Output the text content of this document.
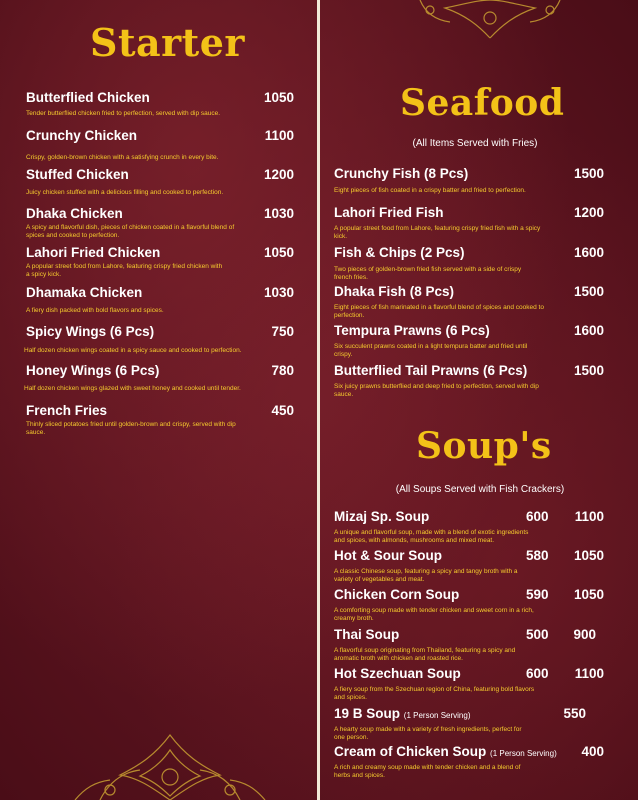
Starter
Butterflied Chicken	1050
Tender butterflied chicken fried to perfection, served with dip sauce.
Crunchy Chicken	1100
Crispy, golden-brown chicken with a satisfying crunch in every bite.
Stuffed Chicken	1200
Juicy chicken stuffed with a delicious filling and cooked to perfection.
Dhaka Chicken	1030
A spicy and flavorful dish, pieces of chicken coated in a flavorful blend of spices and cooked to perfection.
Lahori Fried Chicken	1050
A popular street food from Lahore, featuring crispy fried chicken with a spicy kick.
Dhamaka Chicken	1030
A fiery dish packed with bold flavors and spices.
Spicy Wings (6 Pcs)	750
Half dozen chicken wings coated in a spicy sauce and cooked to perfection.
Honey Wings (6 Pcs)	780
Half dozen chicken wings glazed with sweet honey and cooked until tender.
French Fries	450
Thinly sliced potatoes fried until golden-brown and crispy, served with dip sauce.
Seafood
(All Items Served with Fries)
Crunchy Fish (8 Pcs)	1500
Eight pieces of fish coated in a crispy batter and fried to perfection.
Lahori Fried Fish	1200
A popular street food from Lahore, featuring crispy fried fish with a spicy kick.
Fish & Chips (2 Pcs)	1600
Two pieces of golden-brown fried fish served with a side of crispy french fries.
Dhaka Fish (8 Pcs)	1500
Eight pieces of fish marinated in a flavorful blend of spices and cooked to perfection.
Tempura Prawns (6 Pcs)	1600
Six succulent prawns coated in a light tempura batter and fried until crispy.
Butterflied Tail Prawns (6 Pcs)	1500
Six juicy prawns butterflied and deep fried to perfection, served with dip sauce.
Soup's
(All Soups Served with Fish Crackers)
Mizaj Sp. Soup	600 1100
A unique and flavorful soup, made with a blend of exotic ingredients and spices, with almonds, mushrooms and mixed meat.
Hot & Sour Soup	580 1050
A classic Chinese soup, featuring a spicy and tangy broth with a variety of vegetables and meat.
Chicken Corn Soup	590 1050
A comforting soup made with tender chicken and sweet corn in a rich, creamy broth.
Thai Soup	500 900
A flavorful soup originating from Thailand, featuring a spicy and aromatic broth with chicken and roasted rice.
Hot Szechuan Soup	600 1100
A fiery soup from the Szechuan region of China, featuring bold flavors and spices.
19 B Soup (1 Person Serving)	550
A hearty soup made with a variety of fresh ingredients, perfect for one person.
Cream of Chicken Soup (1 Person Serving) 400
A rich and creamy soup made with tender chicken and a blend of herbs and spices.
